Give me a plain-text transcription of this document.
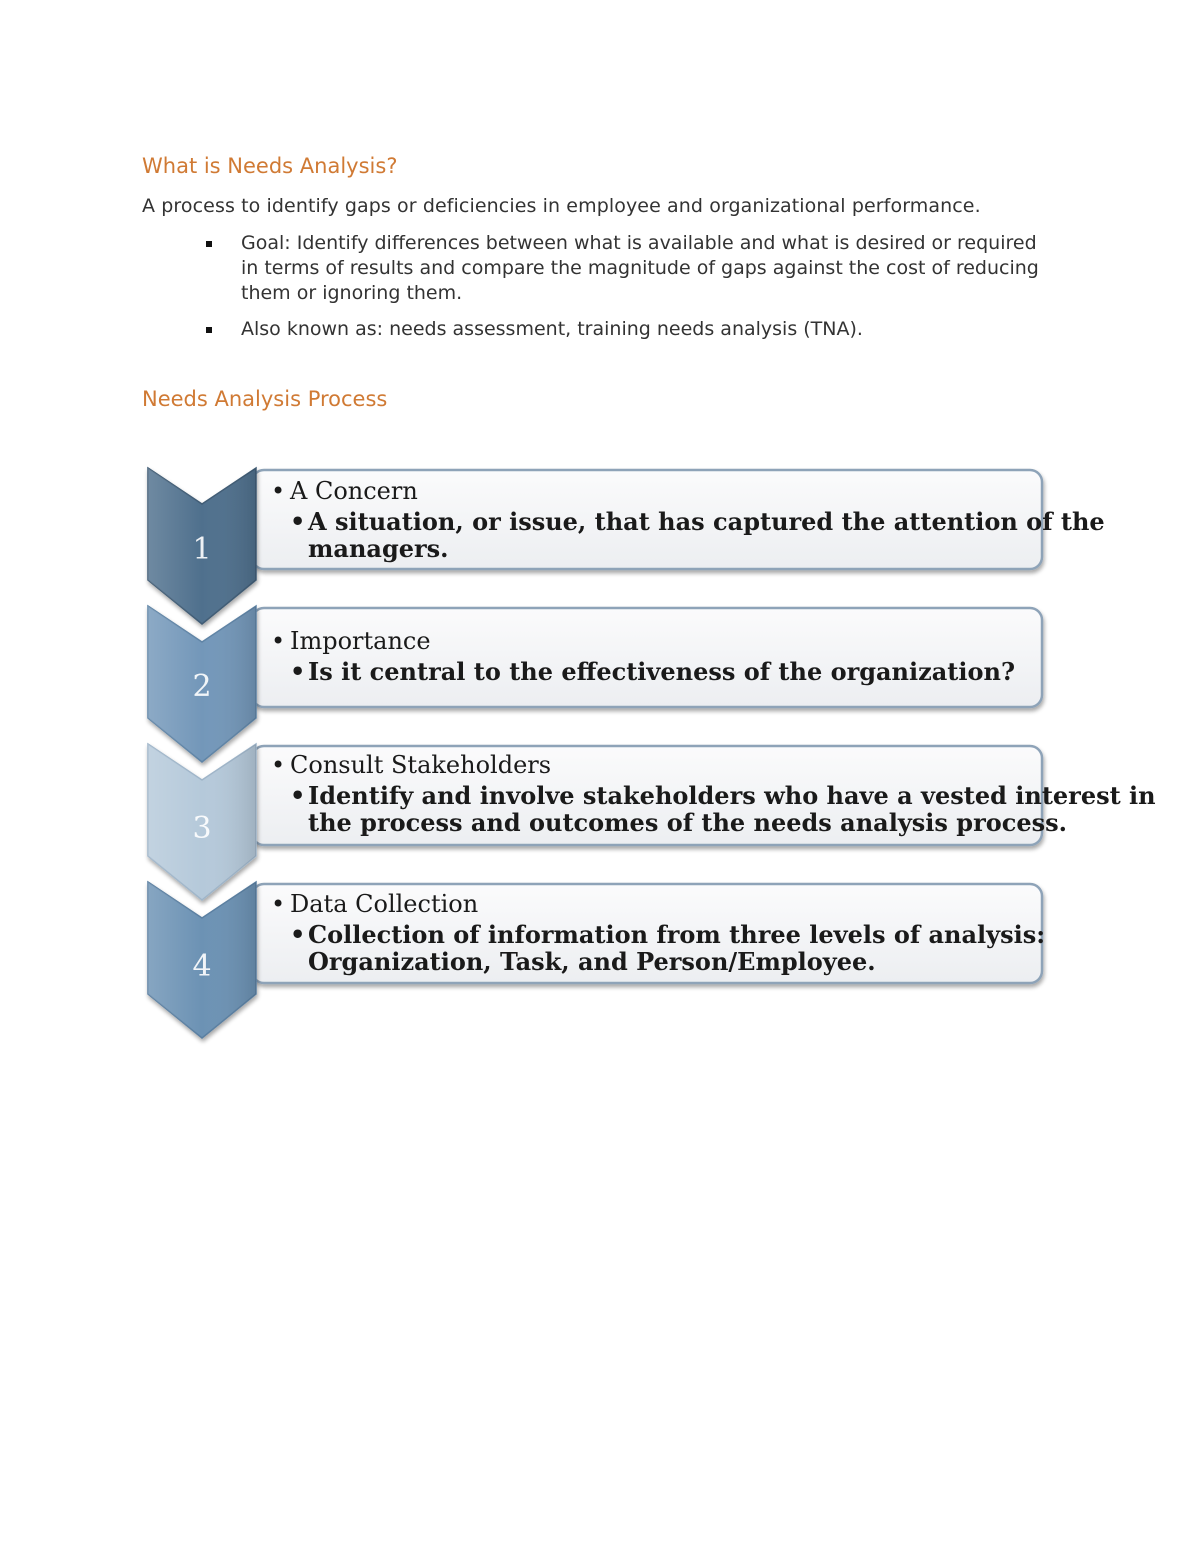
What is Needs Analysis?

A process to identify gaps or deficiencies in employee and organizational performance.

Goal: Identify differences between what is available and what is desired or required in terms of results and compare the magnitude of gaps against the cost of reducing them or ignoring them.
Also known as: needs assessment, training needs analysis (TNA).
Needs Analysis Process
1
• A Concern
• A situation, or issue, that has captured the attention of the
managers.
2
• Importance
• Is it central to the effectiveness of the organization?
3
• Consult Stakeholders
• Identify and involve stakeholders who have a vested interest in
the process and outcomes of the needs analysis process.
4
• Data Collection
• Collection of information from three levels of analysis:
Organization, Task, and Person/Employee.
